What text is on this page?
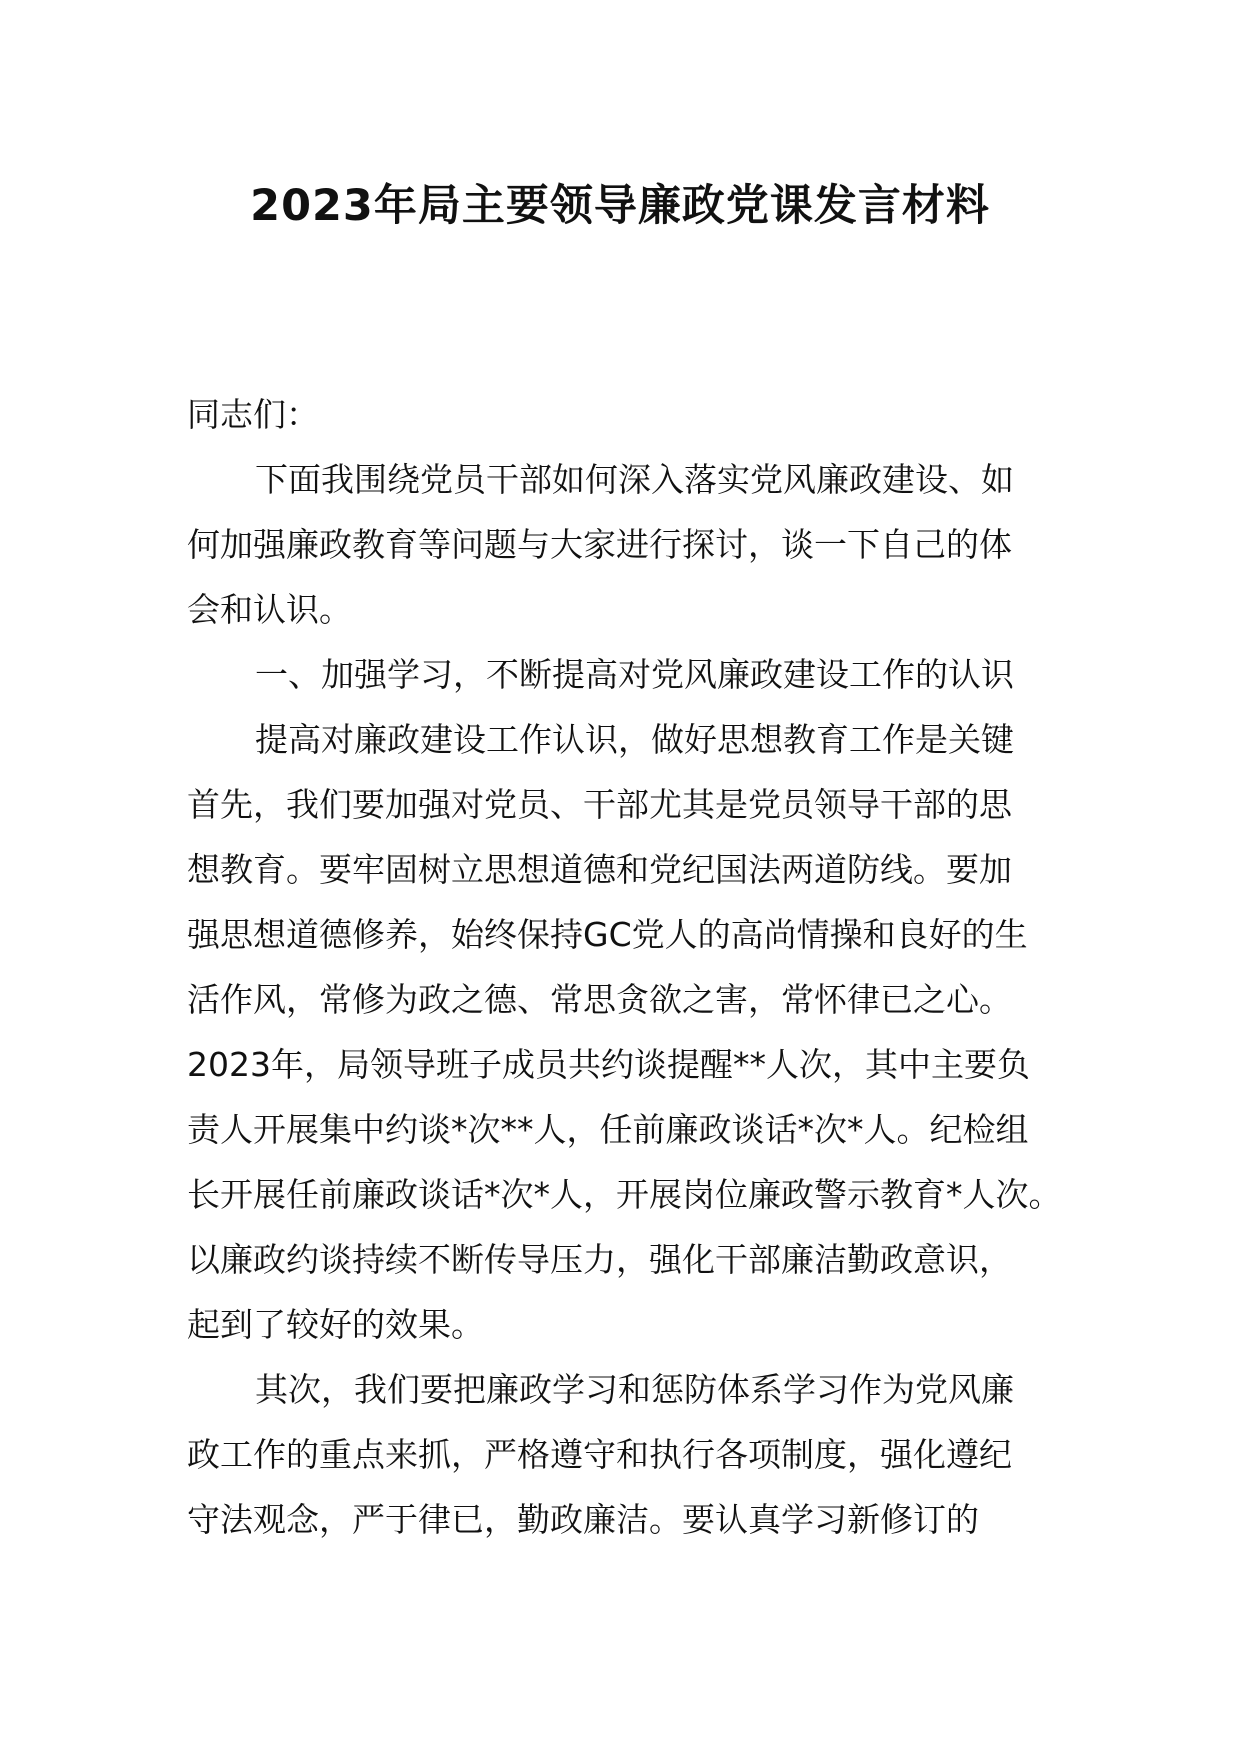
2023年局主要领导廉政党课发言材料
同志们：
下面我围绕党员干部如何深入落实党风廉政建设、如
何加强廉政教育等问题与大家进行探讨，谈一下自己的体
会和认识。
一、加强学习，不断提高对党风廉政建设工作的认识
提高对廉政建设工作认识，做好思想教育工作是关键
首先，我们要加强对党员、干部尤其是党员领导干部的思
想教育。要牢固树立思想道德和党纪国法两道防线。要加
强思想道德修养，始终保持GC党人的高尚情操和良好的生
活作风，常修为政之德、常思贪欲之害，常怀律已之心。
2023年，局领导班子成员共约谈提醒**人次，其中主要负
责人开展集中约谈*次**人，任前廉政谈话*次*人。纪检组
长开展任前廉政谈话*次*人，开展岗位廉政警示教育*人次。
以廉政约谈持续不断传导压力，强化干部廉洁勤政意识，
起到了较好的效果。
其次，我们要把廉政学习和惩防体系学习作为党风廉
政工作的重点来抓，严格遵守和执行各项制度，强化遵纪
守法观念，严于律已，勤政廉洁。要认真学习新修订的
